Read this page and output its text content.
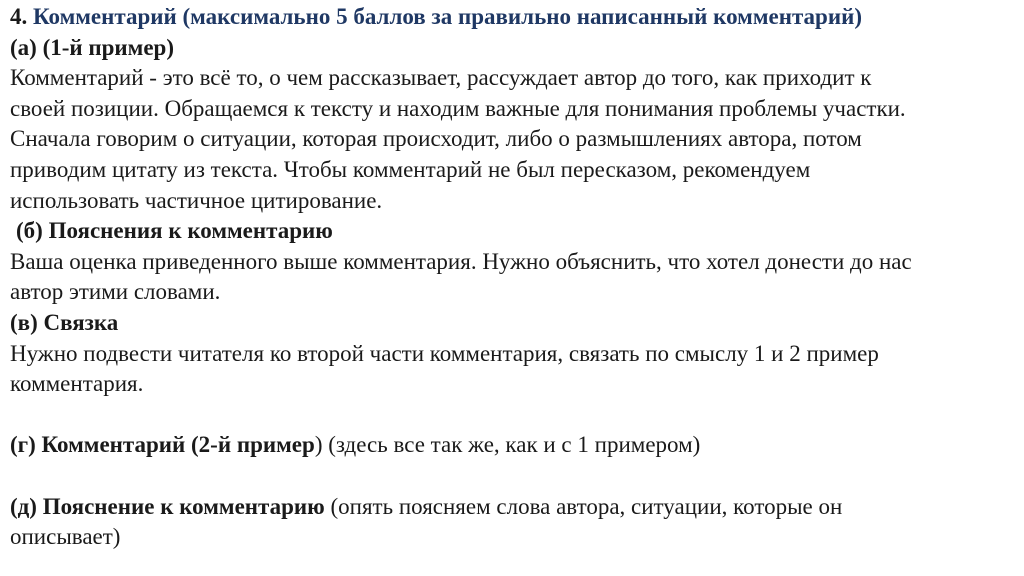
4. Комментарий (максимально 5 баллов за правильно написанный комментарий)

(а) (1-й пример)

Комментарий - это всё то, о чем рассказывает, рассуждает автор до того, как приходит к

своей позиции. Обращаемся к тексту и находим важные для понимания проблемы участки.

Сначала говорим о ситуации, которая происходит, либо о размышлениях автора, потом

приводим цитату из текста. Чтобы комментарий не был пересказом, рекомендуем

использовать частичное цитирование.

(б) Пояснения к комментарию

Ваша оценка приведенного выше комментария. Нужно объяснить, что хотел донести до нас

автор этими словами.

(в) Связка

Нужно подвести читателя ко второй части комментария, связать по смыслу 1 и 2 пример

комментария.

(г) Комментарий (2-й пример) (здесь все так же, как и с 1 примером)

(д) Пояснение к комментарию (опять поясняем слова автора, ситуации, которые он

описывает)
